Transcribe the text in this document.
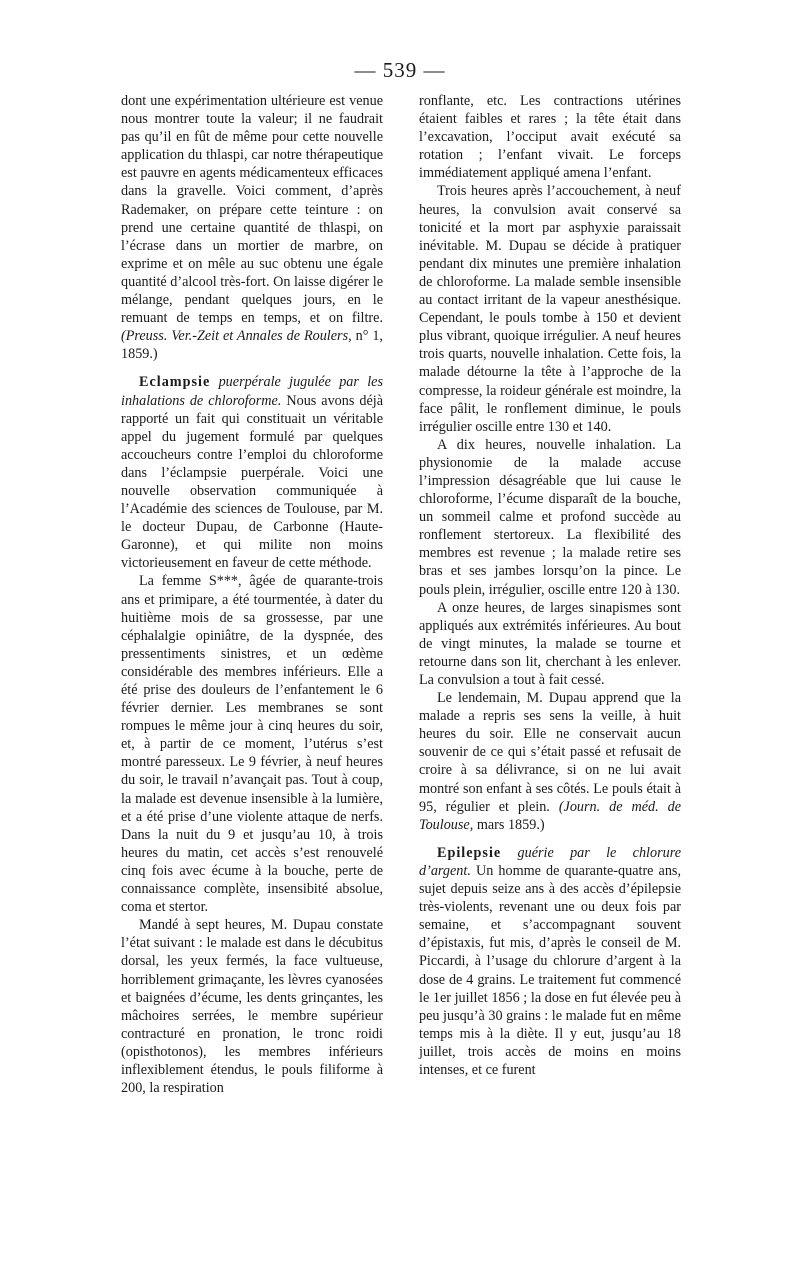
— 539 —

dont une expérimentation ultérieure est venue nous montrer toute la valeur; il ne faudrait pas qu’il en fût de même pour cette nouvelle application du thlaspi, car notre thérapeutique est pauvre en agents médicamenteux efficaces dans la gravelle. Voici comment, d’après Rademaker, on prépare cette teinture : on prend une certaine quantité de thlaspi, on l’écrase dans un mortier de marbre, on exprime et on mêle au suc obtenu une égale quantité d’alcool très-fort. On laisse digérer le mélange, pendant quelques jours, en le remuant de temps en temps, et on filtre. (Preuss. Ver.-Zeit et Annales de Roulers, n° 1, 1859.)

Eclampsie puerpérale jugulée par les inhalations de chloroforme. Nous avons déjà rapporté un fait qui constituait un véritable appel du jugement formulé par quelques accoucheurs contre l’emploi du chloroforme dans l’éclampsie puerpérale. Voici une nouvelle observation communiquée à l’Académie des sciences de Toulouse, par M. le docteur Dupau, de Carbonne (Haute-Garonne), et qui milite non moins victorieusement en faveur de cette méthode.

La femme S***, âgée de quarante-trois ans et primipare, a été tourmentée, à dater du huitième mois de sa grossesse, par une céphalalgie opiniâtre, de la dyspnée, des pressentiments sinistres, et un œdème considérable des membres inférieurs. Elle a été prise des douleurs de l’enfantement le 6 février dernier. Les membranes se sont rompues le même jour à cinq heures du soir, et, à partir de ce moment, l’utérus s’est montré paresseux. Le 9 février, à neuf heures du soir, le travail n’avançait pas. Tout à coup, la malade est devenue insensible à la lumière, et a été prise d’une violente attaque de nerfs. Dans la nuit du 9 et jusqu’au 10, à trois heures du matin, cet accès s’est renouvelé cinq fois avec écume à la bouche, perte de connaissance complète, insensibité absolue, coma et stertor.

Mandé à sept heures, M. Dupau constate l’état suivant : le malade est dans le décubitus dorsal, les yeux fermés, la face vultueuse, horriblement grimaçante, les lèvres cyanosées et baignées d’écume, les dents grinçantes, les mâchoires serrées, le membre supérieur contracturé en pronation, le tronc roidi (opisthotonos), les membres inférieurs inflexiblement étendus, le pouls filiforme à 200, la respiration

ronflante, etc. Les contractions utérines étaient faibles et rares ; la tête était dans l’excavation, l’occiput avait exécuté sa rotation ; l’enfant vivait. Le forceps immédiatement appliqué amena l’enfant.

Trois heures après l’accouchement, à neuf heures, la convulsion avait conservé sa tonicité et la mort par asphyxie paraissait inévitable. M. Dupau se décide à pratiquer pendant dix minutes une première inhalation de chloroforme. La malade semble insensible au contact irritant de la vapeur anesthésique. Cependant, le pouls tombe à 150 et devient plus vibrant, quoique irrégulier. A neuf heures trois quarts, nouvelle inhalation. Cette fois, la malade détourne la tête à l’approche de la compresse, la roideur générale est moindre, la face pâlit, le ronflement diminue, le pouls irrégulier oscille entre 130 et 140.

A dix heures, nouvelle inhalation. La physionomie de la malade accuse l’impression désagréable que lui cause le chloroforme, l’écume disparaît de la bouche, un sommeil calme et profond succède au ronflement stertoreux. La flexibilité des membres est revenue ; la malade retire ses bras et ses jambes lorsqu’on la pince. Le pouls plein, irrégulier, oscille entre 120 à 130.

A onze heures, de larges sinapismes sont appliqués aux extrémités inférieures. Au bout de vingt minutes, la malade se tourne et retourne dans son lit, cherchant à les enlever. La convulsion a tout à fait cessé.

Le lendemain, M. Dupau apprend que la malade a repris ses sens la veille, à huit heures du soir. Elle ne conservait aucun souvenir de ce qui s’était passé et refusait de croire à sa délivrance, si on ne lui avait montré son enfant à ses côtés. Le pouls était à 95, régulier et plein. (Journ. de méd. de Toulouse, mars 1859.)

Epilepsie guérie par le chlorure d’argent. Un homme de quarante-quatre ans, sujet depuis seize ans à des accès d’épilepsie très-violents, revenant une ou deux fois par semaine, et s’accompagnant souvent d’épistaxis, fut mis, d’après le conseil de M. Piccardi, à l’usage du chlorure d’argent à la dose de 4 grains. Le traitement fut commencé le 1er juillet 1856 ; la dose en fut élevée peu à peu jusqu’à 30 grains : le malade fut en même temps mis à la diète. Il y eut, jusqu’au 18 juillet, trois accès de moins en moins intenses, et ce furent
